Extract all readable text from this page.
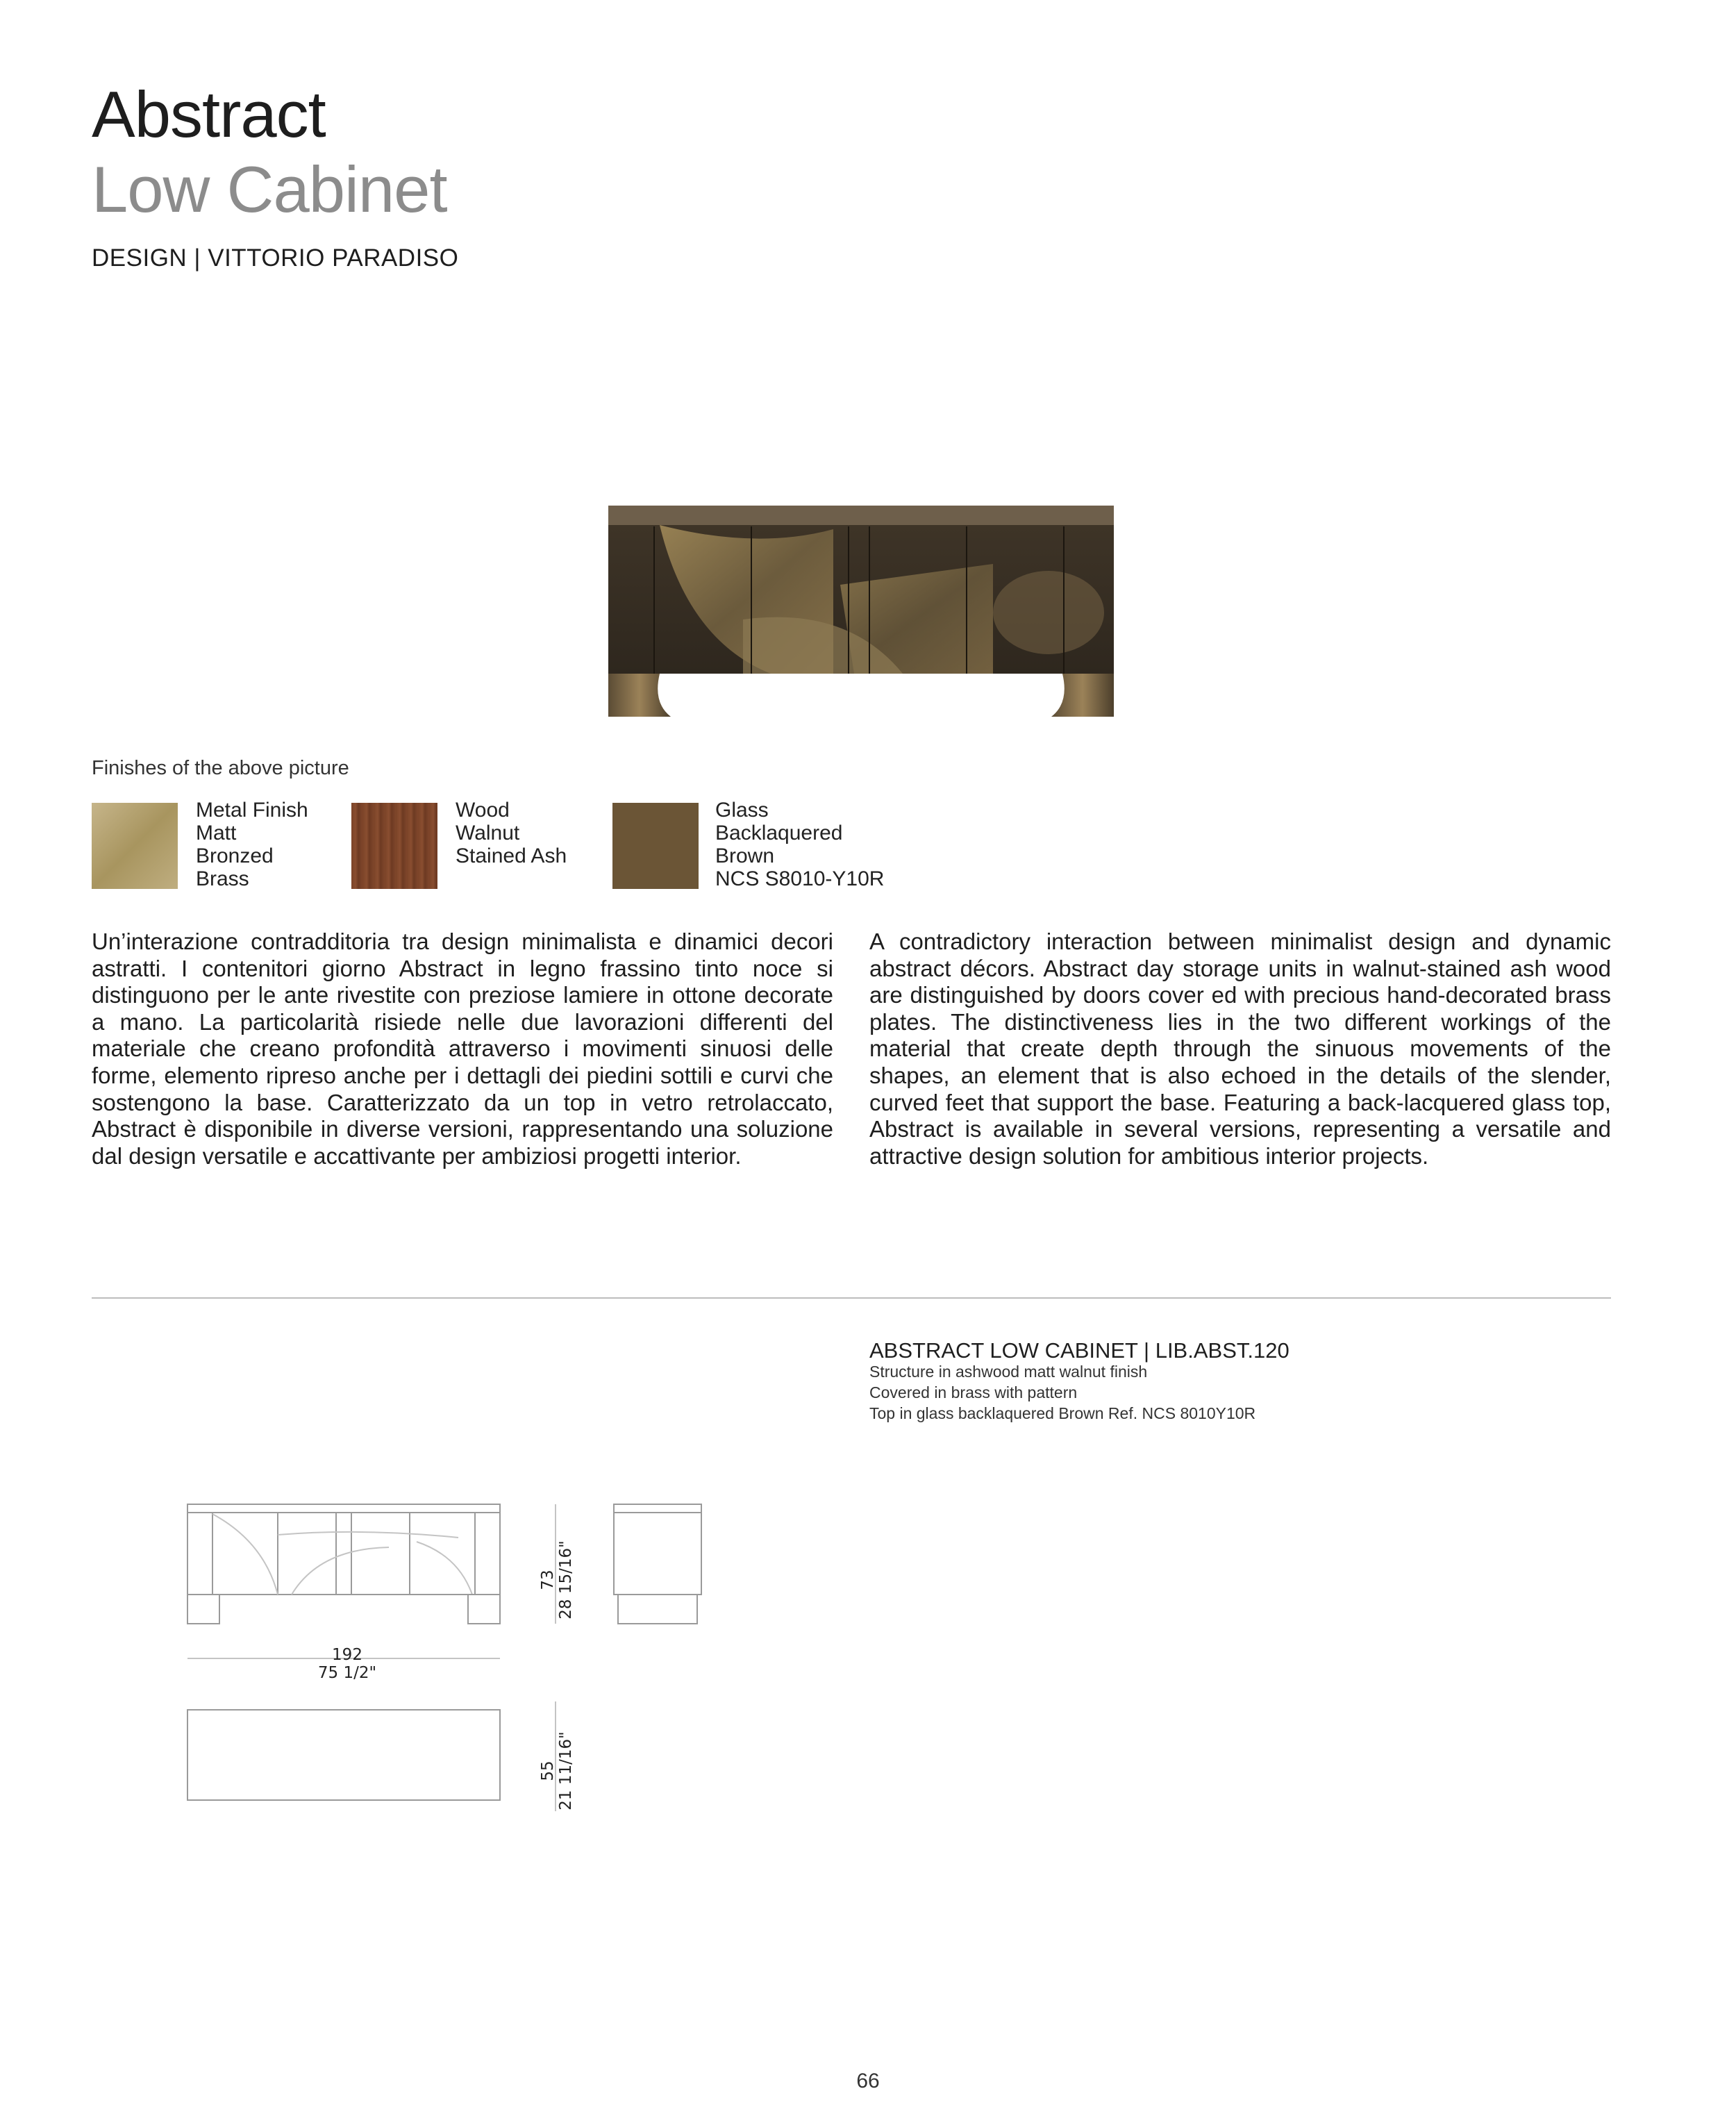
Abstract
Low Cabinet
DESIGN | VITTORIO PARADISO
Finishes of the above picture
Metal Finish
Matt
Bronzed
Brass
Wood
Walnut
Stained Ash
Glass
Backlaquered
Brown
NCS S8010-Y10R
Un’interazione contradditoria tra design minimalista e dinamici decori astratti. I contenitori giorno Abstract in legno frassino tinto noce si distinguono per le ante rivestite con preziose lamiere in ottone decorate a mano. La particolarità risiede nelle due lavorazioni differenti del materiale che creano profondità attraverso i movimenti sinuosi delle forme, elemento ripreso anche per i dettagli dei piedini sottili e curvi che sostengono la base. Caratterizzato da un top in vetro retrolaccato, Abstract è disponibile in diverse versioni, rappresentando una soluzione dal design versatile e accattivante per ambiziosi progetti interior.
A contradictory interaction between minimalist design and dynamic abstract décors. Abstract day storage units in walnut-stained ash wood are distinguished by doors cover ed with precious hand-decorated brass plates. The distinctiveness lies in the two different workings of the material that create depth through the sinuous movements of the shapes, an element that is also echoed in the details of the slender, curved feet that support the base. Featuring a back-lacquered glass top, Abstract is available in several versions, representing a versatile and attractive design solution for ambitious interior projects.
ABSTRACT LOW CABINET | LIB.ABST.120
Structure in ashwood matt walnut finish
Covered in brass with pattern
Top in glass backlaquered Brown Ref. NCS 8010Y10R
192
75 1/2"
73
28 15/16"
55
21 11/16"
66
